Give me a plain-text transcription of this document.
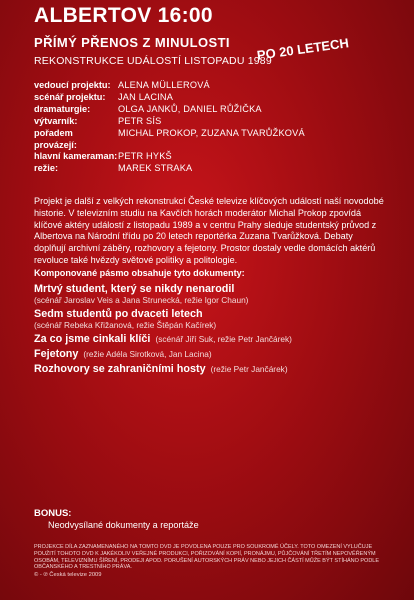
ALBERTOV 16:00
PŘÍMÝ PŘENOS Z MINULOSTI
REKONSTRUKCE UDÁLOSTÍ LISTOPADU 1989
PO 20 LETECH
vedoucí projektu: ALENA MÜLLEROVÁ
scénář projektu:	JAN LACINA
dramaturgie:	OLGA JANKŮ, DANIEL RŮŽIČKA
výtvarník:	PETR SÍS
pořadem provázejí:
MICHAL PROKOP, ZUZANA TVARŮŽKOVÁ
hlavní kameraman: PETR HYKŠ
režie:	MAREK STRAKA
Projekt je další z velkých rekonstrukcí České televize klíčových událostí naší novodobé historie. V televizním studiu na Kavčích horách moderátor Michal Prokop zpovídá klíčové aktéry událostí z listopadu 1989 a v centru Prahy sleduje studentský průvod z Albertova na Národní třídu po 20 letech reportérka Zuzana Tvarůžková. Debaty doplňují archivní záběry, rozhovory a fejetony. Prostor dostaly vedle domácích aktérů revoluce také hvězdy světové politiky a politologie.
Komponované pásmo obsahuje tyto dokumenty:
Mrtvý student, který se nikdy nenarodil
(scénář Jaroslav Veis a Jana Strunecká, režie Igor Chaun)
Sedm studentů po dvaceti letech
(scénář Rebeka Křižanová, režie Štěpán Kačírek)
Za co jsme cinkali klíči (scénář Jiří Suk, režie Petr Jančárek)
Fejetony (režie Adéla Sirotková, Jan Lacina)
Rozhovory se zahraničními hosty (režie Petr Jančárek)
BONUS:
Neodvysílané dokumenty a reportáže
PROJEKCE DÍLA ZAZNAMENANÉHO NA TOMTO DVD JE POVOLENA POUZE PRO SOUKROMÉ ÚČELY. TOTO OMEZENÍ VYLUČUJE POUŽITÍ TOHOTO DVD K JAKÉKOLIV VEŘEJNÉ PRODUKCI, POŘIZOVÁNÍ KOPIÍ, PRONÁJMU, PŮJČOVÁNÍ TŘETÍM NEPOVĚŘENÝM OSOBÁM, TELEVIZNÍMU ŠÍŘENÍ, PRODEJI APOD. PORUŠENÍ AUTORSKÝCH PRÁV NEBO JEJICH ČÁSTÍ MŮŽE BÝT STÍHÁNO PODLE OBČANSKÉHO A TRESTNÍHO PRÁVA.
© - ℗ Česká televize 2009
